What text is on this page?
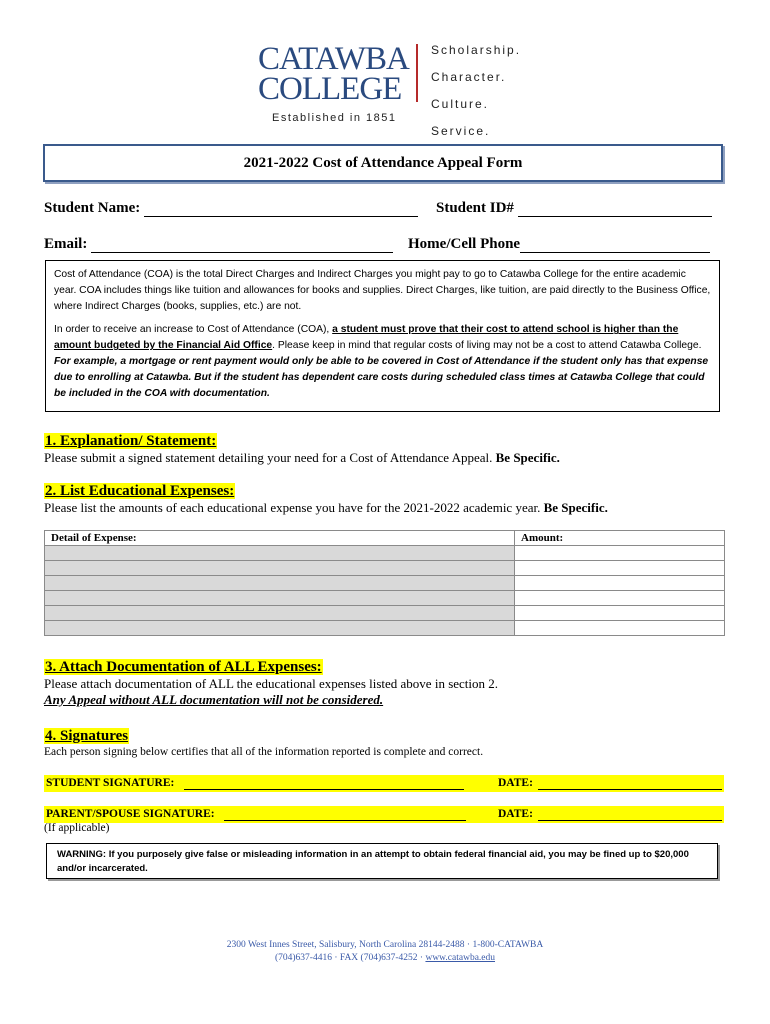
CATAWBA
COLLEGE
Established in 1851
Scholarship.
Character.
Culture.
Service.
2021-2022 Cost of Attendance Appeal Form
Student Name:	Student ID#
Email:	Home/Cell Phone

Cost of Attendance (COA) is the total Direct Charges and Indirect Charges you might pay to go to Catawba College for the entire academic year. COA includes things like tuition and allowances for books and supplies. Direct Charges, like tuition, are paid directly to the Business Office, where Indirect Charges (books, supplies, etc.) are not.

In order to receive an increase to Cost of Attendance (COA), a student must prove that their cost to attend school is higher than the amount budgeted by the Financial Aid Office. Please keep in mind that regular costs of living may not be a cost to attend Catawba College. For example, a mortgage or rent payment would only be able to be covered in Cost of Attendance if the student only has that expense due to enrolling at Catawba. But if the student has dependent care costs during scheduled class times at Catawba College that could be included in the COA with documentation.

1. Explanation/ Statement:
Please submit a signed statement detailing your need for a Cost of Attendance Appeal. Be Specific.
2. List Educational Expenses:
Please list the amounts of each educational expense you have for the 2021-2022 academic year. Be Specific.
Detail of Expense:	Amount:

3. Attach Documentation of ALL Expenses:
Please attach documentation of ALL the educational expenses listed above in section 2.
Any Appeal without ALL documentation will not be considered.
4. Signatures
Each person signing below certifies that all of the information reported is complete and correct.
STUDENT SIGNATURE:	DATE:
PARENT/SPOUSE SIGNATURE:	DATE:
(If applicable)
WARNING: If you purposely give false or misleading information in an attempt to obtain federal financial aid, you may be fined up to $20,000 and/or incarcerated.
2300 West Innes Street, Salisbury, North Carolina 28144-2488 · 1-800-CATAWBA
(704)637-4416 · FAX (704)637-4252 · www.catawba.edu
